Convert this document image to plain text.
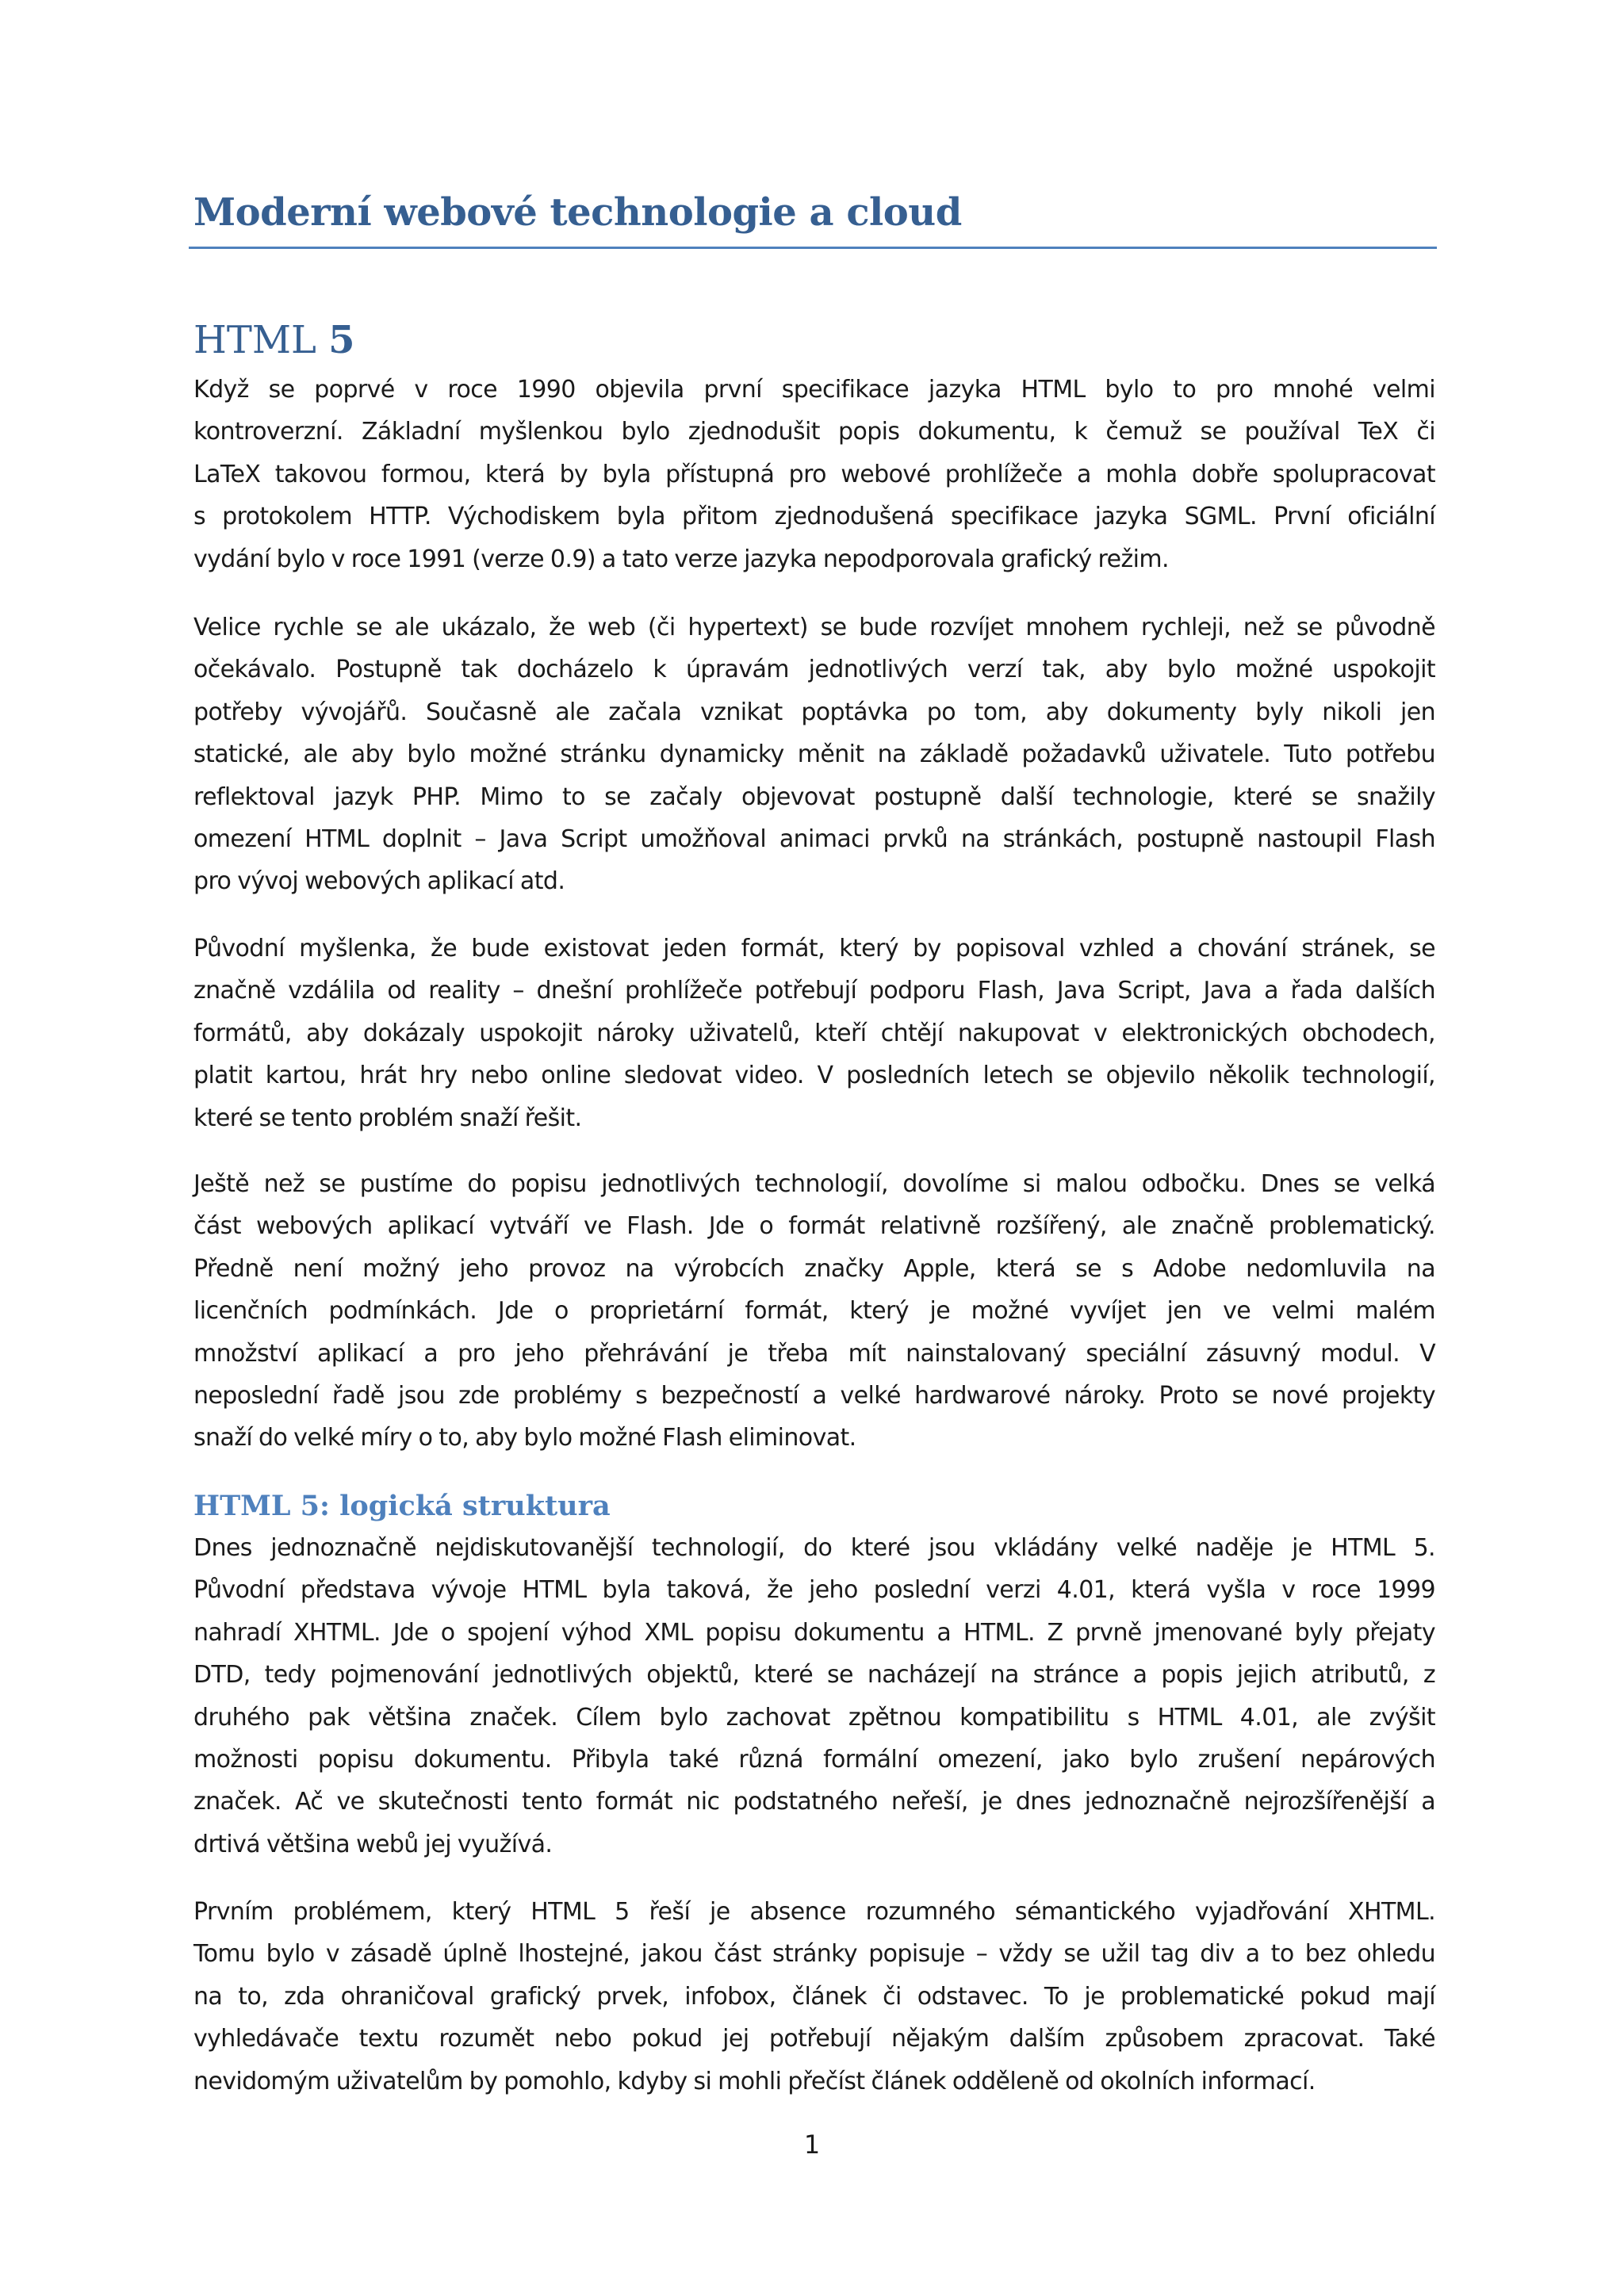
Moderní webové technologie a cloud
HTML 5

Když se poprvé v roce 1990 objevila první specifikace jazyka HTML bylo to pro mnohé velmi
kontroverzní. Základní myšlenkou bylo zjednodušit popis dokumentu, k čemuž se používal TeX či
LaTeX takovou formou, která by byla přístupná pro webové prohlížeče a mohla dobře spolupracovat
s protokolem HTTP. Východiskem byla přitom zjednodušená specifikace jazyka SGML. První oficiální
vydání bylo v roce 1991 (verze 0.9) a tato verze jazyka nepodporovala grafický režim.

Velice rychle se ale ukázalo, že web (či hypertext) se bude rozvíjet mnohem rychleji, než se původně
očekávalo. Postupně tak docházelo k úpravám jednotlivých verzí tak, aby bylo možné uspokojit
potřeby vývojářů. Současně ale začala vznikat poptávka po tom, aby dokumenty byly nikoli jen
statické, ale aby bylo možné stránku dynamicky měnit na základě požadavků uživatele. Tuto potřebu
reflektoval jazyk PHP. Mimo to se začaly objevovat postupně další technologie, které se snažily
omezení HTML doplnit – Java Script umožňoval animaci prvků na stránkách, postupně nastoupil Flash
pro vývoj webových aplikací atd.

Původní myšlenka, že bude existovat jeden formát, který by popisoval vzhled a chování stránek, se
značně vzdálila od reality – dnešní prohlížeče potřebují podporu Flash, Java Script, Java a řada dalších
formátů, aby dokázaly uspokojit nároky uživatelů, kteří chtějí nakupovat v elektronických obchodech,
platit kartou, hrát hry nebo online sledovat video. V posledních letech se objevilo několik technologií,
které se tento problém snaží řešit.

Ještě než se pustíme do popisu jednotlivých technologií, dovolíme si malou odbočku. Dnes se velká
část webových aplikací vytváří ve Flash. Jde o formát relativně rozšířený, ale značně problematický.
Předně není možný jeho provoz na výrobcích značky Apple, která se s Adobe nedomluvila na
licenčních podmínkách. Jde o proprietární formát, který je možné vyvíjet jen ve velmi malém
množství aplikací a pro jeho přehrávání je třeba mít nainstalovaný speciální zásuvný modul. V
neposlední řadě jsou zde problémy s bezpečností a velké hardwarové nároky. Proto se nové projekty
snaží do velké míry o to, aby bylo možné Flash eliminovat.

HTML 5: logická struktura

Dnes jednoznačně nejdiskutovanější technologií, do které jsou vkládány velké naděje je HTML 5.
Původní představa vývoje HTML byla taková, že jeho poslední verzi 4.01, která vyšla v roce 1999
nahradí XHTML. Jde o spojení výhod XML popisu dokumentu a HTML. Z prvně jmenované byly přejaty
DTD, tedy pojmenování jednotlivých objektů, které se nacházejí na stránce a popis jejich atributů, z
druhého pak většina značek. Cílem bylo zachovat zpětnou kompatibilitu s HTML 4.01, ale zvýšit
možnosti popisu dokumentu. Přibyla také různá formální omezení, jako bylo zrušení nepárových
značek. Ač ve skutečnosti tento formát nic podstatného neřeší, je dnes jednoznačně nejrozšířenější a
drtivá většina webů jej využívá.

Prvním problémem, který HTML 5 řeší je absence rozumného sémantického vyjadřování XHTML.
Tomu bylo v zásadě úplně lhostejné, jakou část stránky popisuje – vždy se užil tag div a to bez ohledu
na to, zda ohraničoval grafický prvek, infobox, článek či odstavec. To je problematické pokud mají
vyhledávače textu rozumět nebo pokud jej potřebují nějakým dalším způsobem zpracovat. Také
nevidomým uživatelům by pomohlo, kdyby si mohli přečíst článek odděleně od okolních informací.

1
